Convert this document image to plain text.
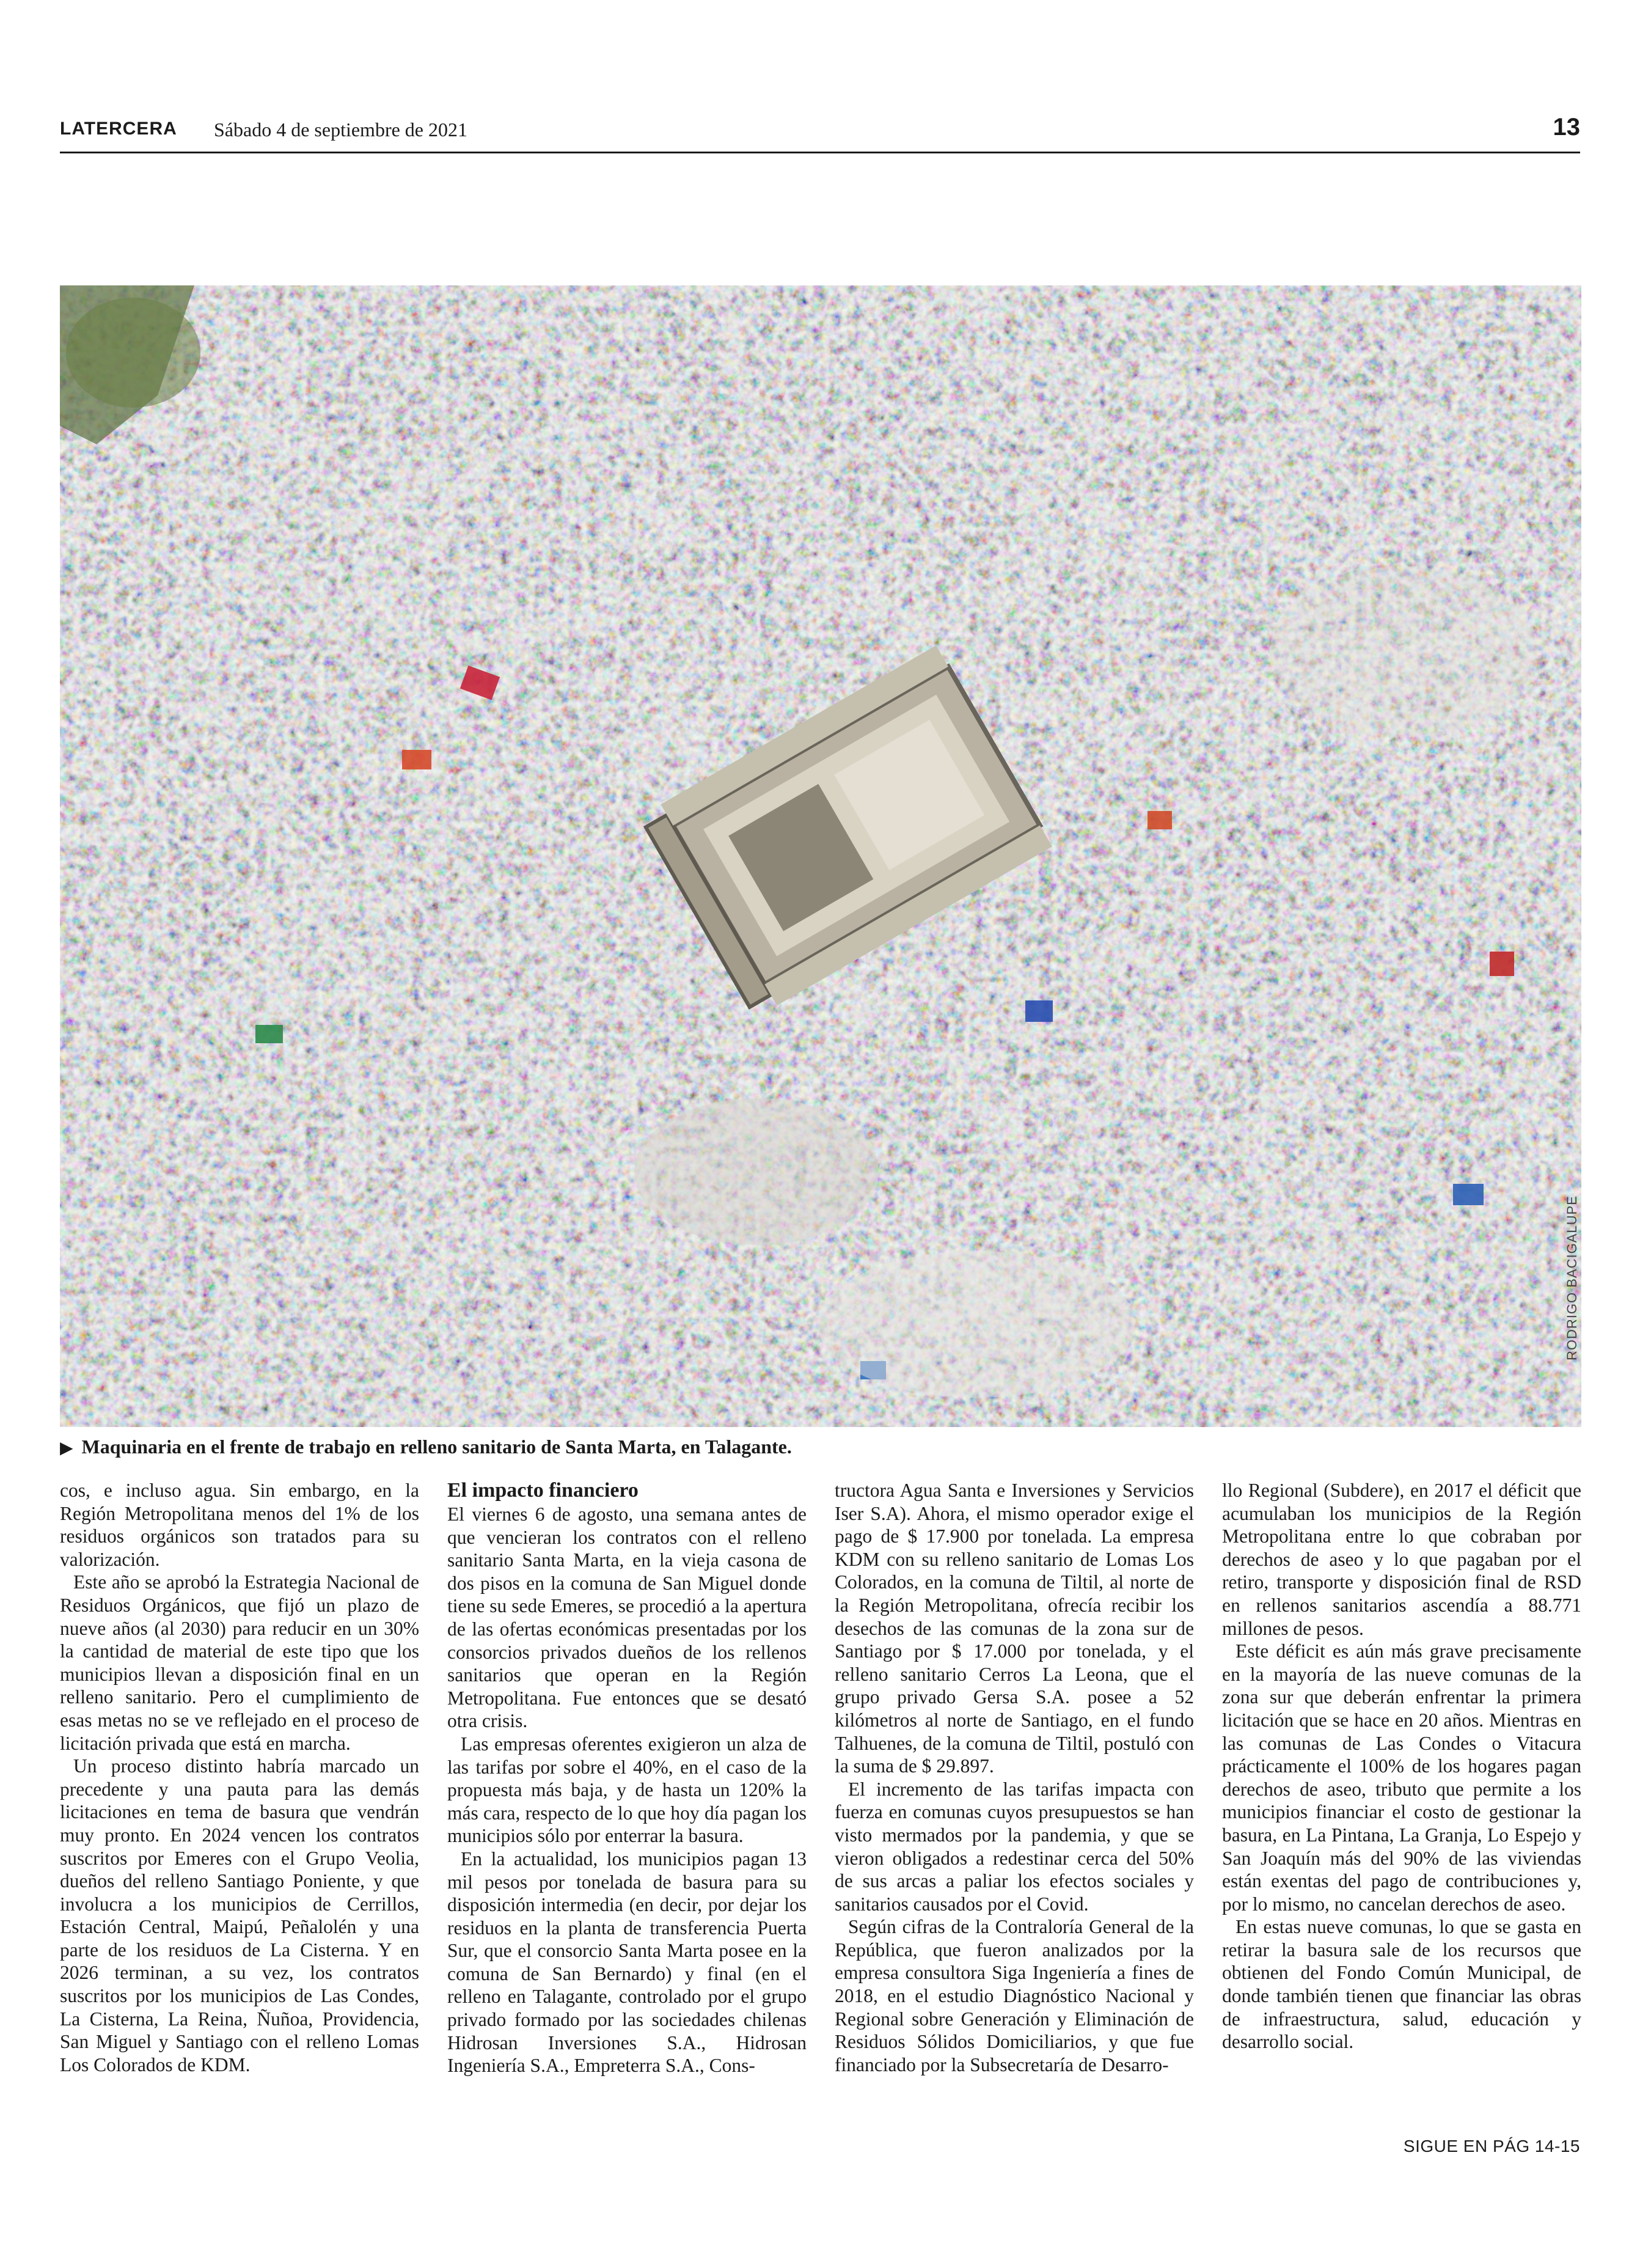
LATERCERA Sábado 4 de septiembre de 2021	13
RODRIGO BACIGALUPE
▶ Maquinaria en el frente de trabajo en relleno sanitario de Santa Marta, en Talagante.

cos, e incluso agua. Sin embargo, en la Región Metropolitana menos del 1% de los residuos orgánicos son tratados para su valorización.

Este año se aprobó la Estrategia Nacional de Residuos Orgánicos, que fijó un plazo de nueve años (al 2030) para reducir en un 30% la cantidad de material de este tipo que los municipios llevan a disposición final en un relleno sanitario. Pero el cumplimiento de esas metas no se ve reflejado en el proceso de licitación privada que está en marcha.

Un proceso distinto habría marcado un precedente y una pauta para las demás licitaciones en tema de basura que vendrán muy pronto. En 2024 vencen los contratos suscritos por Emeres con el Grupo Veolia, dueños del relleno Santiago Poniente, y que involucra a los municipios de Cerrillos, Estación Central, Maipú, Peñalolén y una parte de los residuos de La Cisterna. Y en 2026 terminan, a su vez, los contratos suscritos por los municipios de Las Condes, La Cisterna, La Reina, Ñuñoa, Providencia, San Miguel y Santiago con el relleno Lomas Los Colorados de KDM.

El impacto financiero

El viernes 6 de agosto, una semana antes de que vencieran los contratos con el relleno sanitario Santa Marta, en la vieja casona de dos pisos en la comuna de San Miguel donde tiene su sede Emeres, se procedió a la apertura de las ofertas económicas presentadas por los consorcios privados dueños de los rellenos sanitarios que operan en la Región Metropolitana. Fue entonces que se desató otra crisis.

Las empresas oferentes exigieron un alza de las tarifas por sobre el 40%, en el caso de la propuesta más baja, y de hasta un 120% la más cara, respecto de lo que hoy día pagan los municipios sólo por enterrar la basura.

En la actualidad, los municipios pagan 13 mil pesos por tonelada de basura para su disposición intermedia (en decir, por dejar los residuos en la planta de transferencia Puerta Sur, que el consorcio Santa Marta posee en la comuna de San Bernardo) y final (en el relleno en Talagante, controlado por el grupo privado formado por las sociedades chilenas Hidrosan Inversiones S.A., Hidrosan Ingeniería S.A., Empreterra S.A., Cons-

tructora Agua Santa e Inversiones y Servicios Iser S.A). Ahora, el mismo operador exige el pago de $ 17.900 por tonelada. La empresa KDM con su relleno sanitario de Lomas Los Colorados, en la comuna de Tiltil, al norte de la Región Metropolitana, ofrecía recibir los desechos de las comunas de la zona sur de Santiago por $ 17.000 por tonelada, y el relleno sanitario Cerros La Leona, que el grupo privado Gersa S.A. posee a 52 kilómetros al norte de Santiago, en el fundo Talhuenes, de la comuna de Tiltil, postuló con la suma de $ 29.897.

El incremento de las tarifas impacta con fuerza en comunas cuyos presupuestos se han visto mermados por la pandemia, y que se vieron obligados a redestinar cerca del 50% de sus arcas a paliar los efectos sociales y sanitarios causados por el Covid.

Según cifras de la Contraloría General de la República, que fueron analizados por la empresa consultora Siga Ingeniería a fines de 2018, en el estudio Diagnóstico Nacional y Regional sobre Generación y Eliminación de Residuos Sólidos Domiciliarios, y que fue financiado por la Subsecretaría de Desarro-

llo Regional (Subdere), en 2017 el déficit que acumulaban los municipios de la Región Metropolitana entre lo que cobraban por derechos de aseo y lo que pagaban por el retiro, transporte y disposición final de RSD en rellenos sanitarios ascendía a 88.771 millones de pesos.

Este déficit es aún más grave precisamente en la mayoría de las nueve comunas de la zona sur que deberán enfrentar la primera licitación que se hace en 20 años. Mientras en las comunas de Las Condes o Vitacura prácticamente el 100% de los hogares pagan derechos de aseo, tributo que permite a los municipios financiar el costo de gestionar la basura, en La Pintana, La Granja, Lo Espejo y San Joaquín más del 90% de las viviendas están exentas del pago de contribuciones y, por lo mismo, no cancelan derechos de aseo.

En estas nueve comunas, lo que se gasta en retirar la basura sale de los recursos que obtienen del Fondo Común Municipal, de donde también tienen que financiar las obras de infraestructura, salud, educación y desarrollo social.

SIGUE EN PÁG 14-15
